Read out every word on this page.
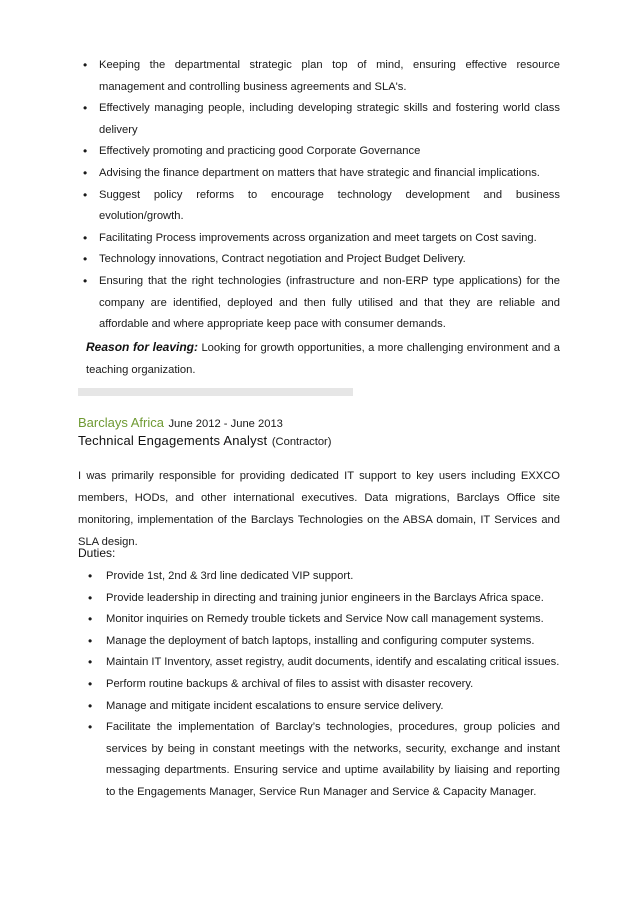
• Keeping the departmental strategic plan top of mind, ensuring effective resource management and controlling business agreements and SLA's.
• Effectively managing people, including developing strategic skills and fostering world class delivery
• Effectively promoting and practicing good Corporate Governance
• Advising the finance department on matters that have strategic and financial implications.
• Suggest policy reforms to encourage technology development and business evolution/growth.
• Facilitating Process improvements across organization and meet targets on Cost saving.
• Technology innovations, Contract negotiation and Project Budget Delivery.
• Ensuring that the right technologies (infrastructure and non-ERP type applications) for the company are identified, deployed and then fully utilised and that they are reliable and affordable and where appropriate keep pace with consumer demands.
Reason for leaving: Looking for growth opportunities, a more challenging environment and a teaching organization.
Barclays Africa June 2012 - June 2013
Technical Engagements Analyst (Contractor)
I was primarily responsible for providing dedicated IT support to key users including EXXCO members, HODs, and other international executives. Data migrations, Barclays Office site monitoring, implementation of the Barclays Technologies on the ABSA domain, IT Services and SLA design.
Duties:
• Provide 1st, 2nd & 3rd line dedicated VIP support.
• Provide leadership in directing and training junior engineers in the Barclays Africa space.
• Monitor inquiries on Remedy trouble tickets and Service Now call management systems.
• Manage the deployment of batch laptops, installing and configuring computer systems.
• Maintain IT Inventory, asset registry, audit documents, identify and escalating critical issues.
• Perform routine backups & archival of files to assist with disaster recovery.
• Manage and mitigate incident escalations to ensure service delivery.
• Facilitate the implementation of Barclay’s technologies, procedures, group policies and services by being in constant meetings with the networks, security, exchange and instant messaging departments. Ensuring service and uptime availability by liaising and reporting to the Engagements Manager, Service Run Manager and Service & Capacity Manager.
